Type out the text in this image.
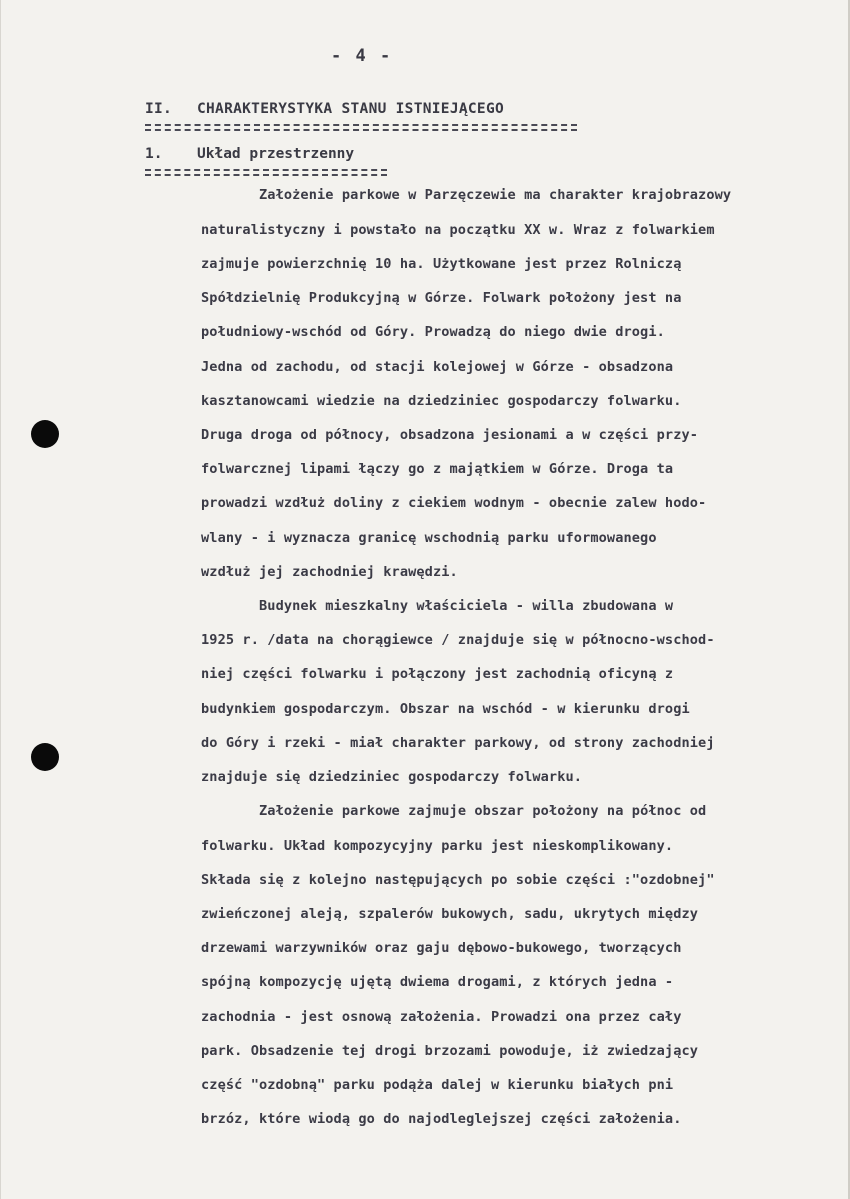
- 4 -
II. CHARAKTERYSTYKA STANU ISTNIEJĄCEGO
1. Układ przestrzenny
Założenie parkowe w Parzęczewie ma charakter krajobrazowy
naturalistyczny i powstało na początku XX w. Wraz z folwarkiem
zajmuje powierzchnię 10 ha. Użytkowane jest przez Rolniczą
Spółdzielnię Produkcyjną w Górze. Folwark położony jest na
południowy-wschód od Góry. Prowadzą do niego dwie drogi.
Jedna od zachodu, od stacji kolejowej w Górze - obsadzona
kasztanowcami wiedzie na dziedziniec gospodarczy folwarku.
Druga droga od północy, obsadzona jesionami a w części przy-
folwarcznej lipami łączy go z majątkiem w Górze. Droga ta
prowadzi wzdłuż doliny z ciekiem wodnym - obecnie zalew hodo-
wlany - i wyznacza granicę wschodnią parku uformowanego
wzdłuż jej zachodniej krawędzi.
Budynek mieszkalny właściciela - willa zbudowana w
1925 r. /data na chorągiewce / znajduje się w północno-wschod-
niej części folwarku i połączony jest zachodnią oficyną z
budynkiem gospodarczym. Obszar na wschód - w kierunku drogi
do Góry i rzeki - miał charakter parkowy, od strony zachodniej
znajduje się dziedziniec gospodarczy folwarku.
Założenie parkowe zajmuje obszar położony na północ od
folwarku. Układ kompozycyjny parku jest nieskomplikowany.
Składa się z kolejno następujących po sobie części :"ozdobnej"
zwieńczonej aleją, szpalerów bukowych, sadu, ukrytych między
drzewami warzywników oraz gaju dębowo-bukowego, tworzących
spójną kompozycję ujętą dwiema drogami, z których jedna -
zachodnia - jest osnową założenia. Prowadzi ona przez cały
park. Obsadzenie tej drogi brzozami powoduje, iż zwiedzający
część "ozdobną" parku podąża dalej w kierunku białych pni
brzóz, które wiodą go do najodleglejszej części założenia.
